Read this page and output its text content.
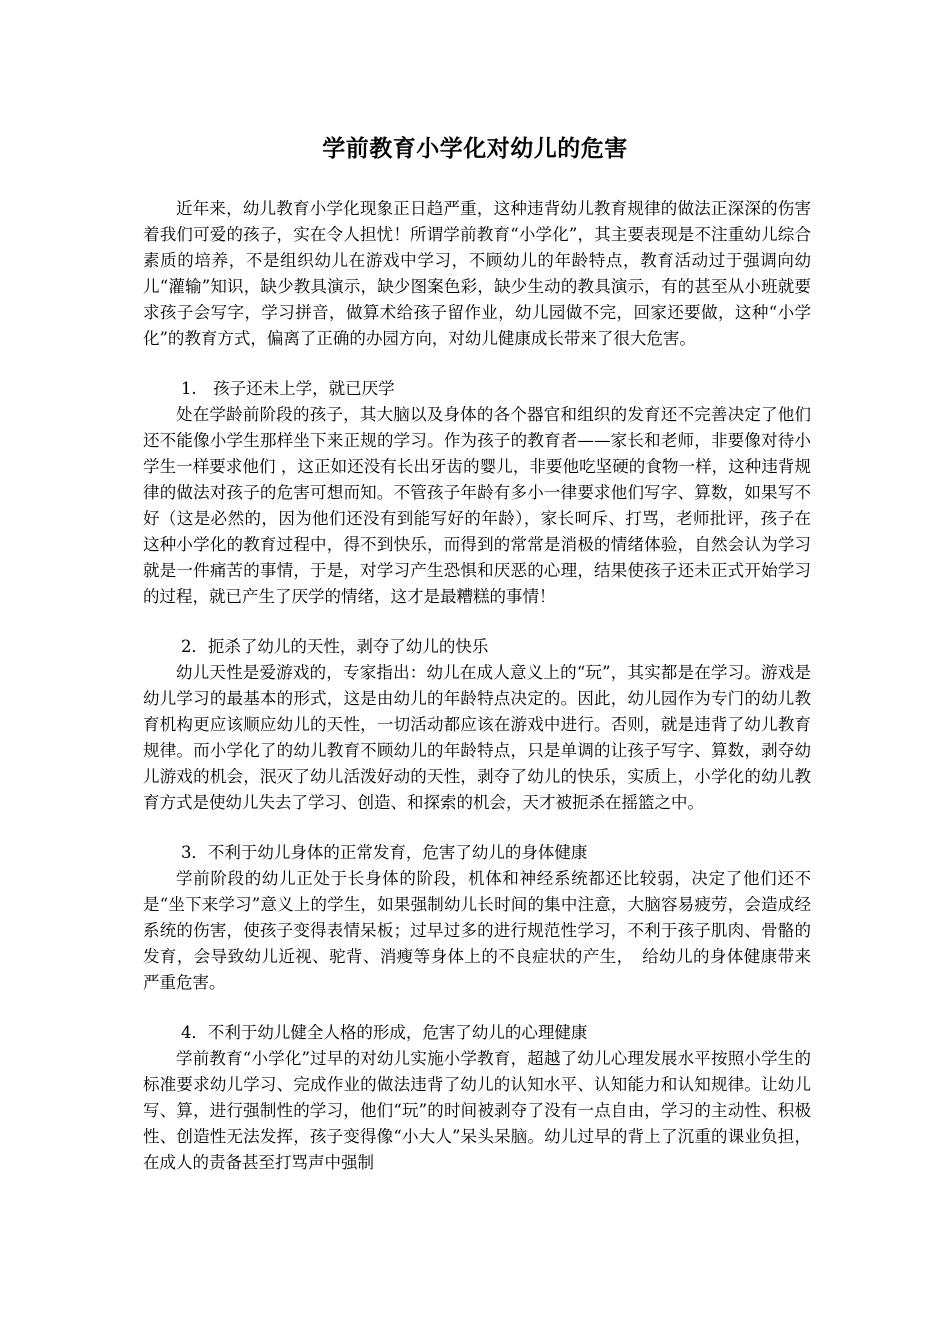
学前教育小学化对幼儿的危害

近年来，幼儿教育小学化现象正日趋严重，这种违背幼儿教育规律的做法正深深的伤害着我们可爱的孩子，实在令人担忧！所谓学前教育“小学化”，其主要表现是不注重幼儿综合素质的培养，不是组织幼儿在游戏中学习，不顾幼儿的年龄特点，教育活动过于强调向幼儿“灌输”知识，缺少教具演示，缺少图案色彩，缺少生动的教具演示，有的甚至从小班就要求孩子会写字，学习拼音，做算术给孩子留作业，幼儿园做不完，回家还要做，这种“小学化”的教育方式，偏离了正确的办园方向，对幼儿健康成长带来了很大危害。

1.　孩子还未上学，就已厌学

处在学龄前阶段的孩子，其大脑以及身体的各个器官和组织的发育还不完善决定了他们还不能像小学生那样坐下来正规的学习。作为孩子的教育者——家长和老师，非要像对待小学生一样要求他们 ，这正如还没有长出牙齿的婴儿，非要他吃坚硬的食物一样，这种违背规律的做法对孩子的危害可想而知。不管孩子年龄有多小一律要求他们写字、算数，如果写不好（这是必然的，因为他们还没有到能写好的年龄），家长呵斥、打骂，老师批评，孩子在这种小学化的教育过程中，得不到快乐，而得到的常常是消极的情绪体验，自然会认为学习就是一件痛苦的事情，于是，对学习产生恐惧和厌恶的心理，结果使孩子还未正式开始学习的过程，就已产生了厌学的情绪，这才是最糟糕的事情！

2．扼杀了幼儿的天性，剥夺了幼儿的快乐

幼儿天性是爱游戏的，专家指出：幼儿在成人意义上的“玩”，其实都是在学习。游戏是幼儿学习的最基本的形式，这是由幼儿的年龄特点决定的。因此，幼儿园作为专门的幼儿教育机构更应该顺应幼儿的天性，一切活动都应该在游戏中进行。否则，就是违背了幼儿教育规律。而小学化了的幼儿教育不顾幼儿的年龄特点，只是单调的让孩子写字、算数，剥夺幼儿游戏的机会，泯灭了幼儿活泼好动的天性，剥夺了幼儿的快乐，实质上，小学化的幼儿教育方式是使幼儿失去了学习、创造、和探索的机会，天才被扼杀在摇篮之中。

3．不利于幼儿身体的正常发育，危害了幼儿的身体健康

学前阶段的幼儿正处于长身体的阶段，机体和神经系统都还比较弱，决定了他们还不是“坐下来学习”意义上的学生，如果强制幼儿长时间的集中注意，大脑容易疲劳，会造成经系统的伤害，使孩子变得表情呆板；过早过多的进行规范性学习，不利于孩子肌肉、骨骼的发育，会导致幼儿近视、驼背、消瘦等身体上的不良症状的产生，　给幼儿的身体健康带来严重危害。

4．不利于幼儿健全人格的形成，危害了幼儿的心理健康

学前教育“小学化”过早的对幼儿实施小学教育，超越了幼儿心理发展水平按照小学生的标准要求幼儿学习、完成作业的做法违背了幼儿的认知水平、认知能力和认知规律。让幼儿写、算，进行强制性的学习，他们“玩”的时间被剥夺了没有一点自由，学习的主动性、积极性、创造性无法发挥，孩子变得像“小大人”呆头呆脑。幼儿过早的背上了沉重的课业负担，在成人的责备甚至打骂声中强制
